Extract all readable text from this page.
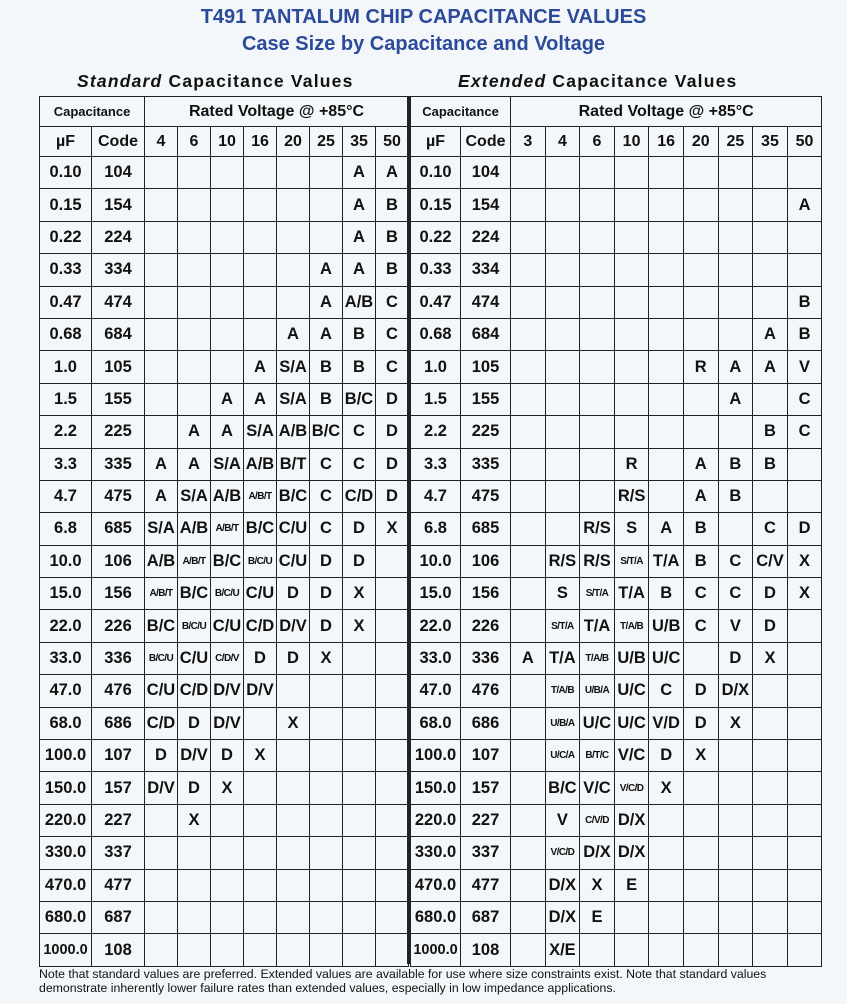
T491 TANTALUM CHIP CAPACITANCE VALUES
Case Size by Capacitance and Voltage
Standard Capacitance Values	Extended Capacitance Values
Capacitance		Rated Voltage @ +85°C							
µF	Code	4	6	10	16	20	25	35	50
0.10	104							A	A
0.15	154							A	B
0.22	224							A	B
0.33	334						A	A	B
0.47	474						A	A/B	C
0.68	684					A	A	B	C
1.0	105				A	S/A	B	B	C
1.5	155			A	A	S/A	B	B/C	D
2.2	225		A	A	S/A	A/B	B/C	C	D
3.3	335	A	A	S/A	A/B	B/T	C	C	D
4.7	475	A	S/A	A/B	A/B/T	B/C	C	C/D	D
6.8	685	S/A	A/B	A/B/T	B/C	C/U	C	D	X
10.0	106	A/B	A/B/T	B/C	B/C/U	C/U	D	D	
15.0	156	A/B/T	B/C	B/C/U	C/U	D	D	X	
22.0	226	B/C	B/C/U	C/U	C/D	D/V	D	X	
33.0	336	B/C/U	C/U	C/D/V	D	D	X		
47.0	476	C/U	C/D	D/V	D/V				
68.0	686	C/D	D	D/V		X			
100.0	107	D	D/V	D	X				
150.0	157	D/V	D	X					
220.0	227		X						
330.0	337								
470.0	477								
680.0	687								
1000.0	108								
Capacitance		Rated Voltage @ +85°C								
µF	Code	3	4	6	10	16	20	25	35	50
0.10	104									
0.15	154									A
0.22	224									
0.33	334									
0.47	474									B
0.68	684								A	B
1.0	105						R	A	A	V
1.5	155							A		C
2.2	225								B	C
3.3	335				R		A	B	B	
4.7	475				R/S		A	B		
6.8	685			R/S	S	A	B		C	D
10.0	106		R/S	R/S	S/T/A	T/A	B	C	C/V	X
15.0	156		S	S/T/A	T/A	B	C	C	D	X
22.0	226		S/T/A	T/A	T/A/B	U/B	C	V	D	
33.0	336	A	T/A	T/A/B	U/B	U/C		D	X	
47.0	476		T/A/B	U/B/A	U/C	C	D	D/X		
68.0	686		U/B/A	U/C	U/C	V/D	D	X		
100.0	107		U/C/A	B/T/C	V/C	D	X			
150.0	157		B/C	V/C	V/C/D	X				
220.0	227		V	C/V/D	D/X					
330.0	337		V/C/D	D/X	D/X					
470.0	477		D/X	X	E					
680.0	687		D/X	E						
1000.0	108		X/E							
Note that standard values are preferred. Extended values are available for use where size constraints exist. Note that standard values demonstrate inherently lower failure rates than extended values, especially in low impedance applications.
